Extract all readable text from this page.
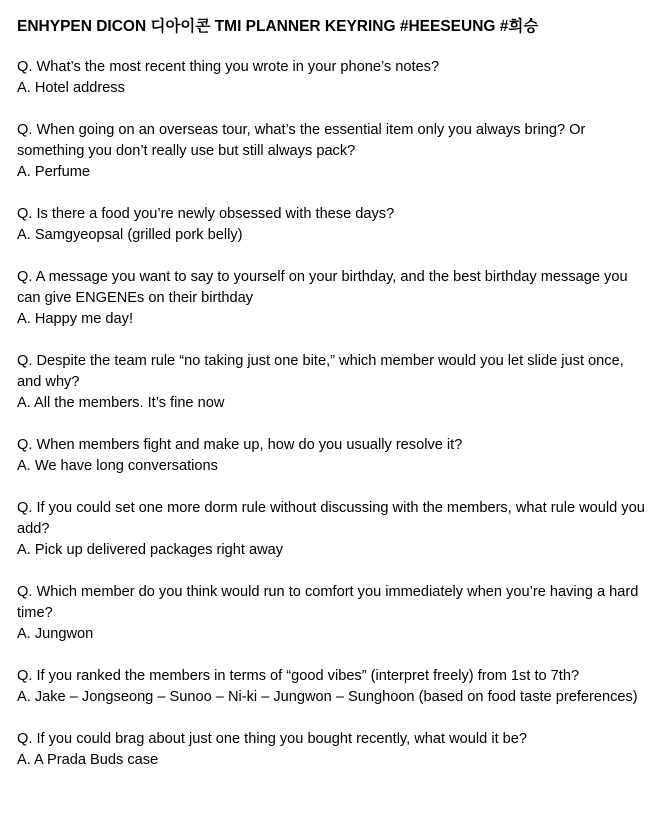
ENHYPEN DICON 디아이콘 TMI PLANNER KEYRING #HEESEUNG #희승

Q. What’s the most recent thing you wrote in your phone’s notes?

A. Hotel address

Q. When going on an overseas tour, what’s the essential item only you always bring? Or something you don’t really use but still always pack?

A. Perfume

Q. Is there a food you’re newly obsessed with these days?

A. Samgyeopsal (grilled pork belly)

Q. A message you want to say to yourself on your birthday, and the best birthday message you can give ENGENEs on their birthday

A. Happy me day!

Q. Despite the team rule “no taking just one bite,” which member would you let slide just once, and why?

A. All the members. It’s fine now

Q. When members fight and make up, how do you usually resolve it?

A. We have long conversations

Q. If you could set one more dorm rule without discussing with the members, what rule would you add?

A. Pick up delivered packages right away

Q. Which member do you think would run to comfort you immediately when you’re having a hard time?

A. Jungwon

Q. If you ranked the members in terms of “good vibes” (interpret freely) from 1st to 7th?

A. Jake – Jongseong – Sunoo – Ni-ki – Jungwon – Sunghoon (based on food taste preferences)

Q. If you could brag about just one thing you bought recently, what would it be?

A. A Prada Buds case
